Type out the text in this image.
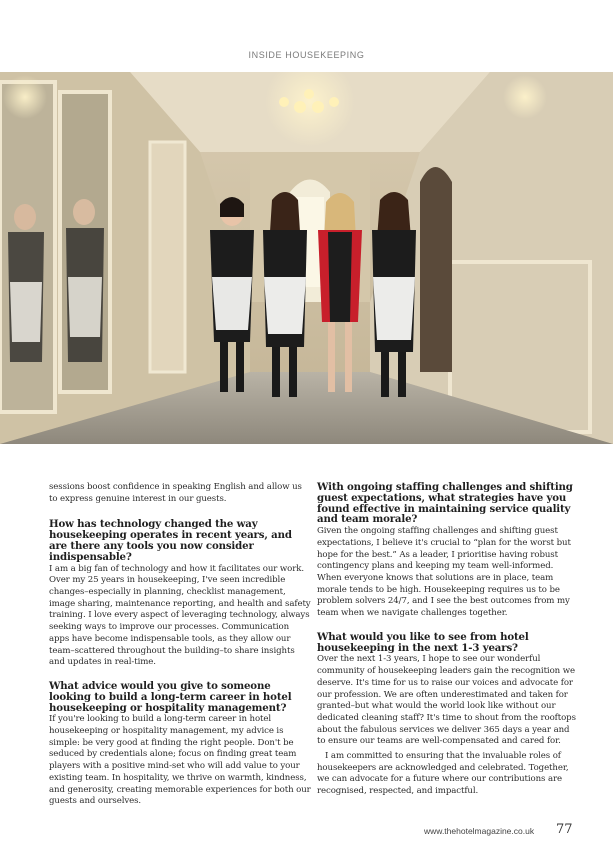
INSIDE HOUSEKEEPING

sessions boost confidence in speaking English and allow us to express genuine interest in our guests.

How has technology changed the way housekeeping operates in recent years, and are there any tools you now consider indispensable?

I am a big fan of technology and how it facilitates our work. Over my 25 years in housekeeping, I've seen incredible changes–especially in planning, checklist management, image sharing, maintenance reporting, and health and safety training. I love every aspect of leveraging technology, always seeking ways to improve our processes. Communication apps have become indispensable tools, as they allow our team–scattered throughout the building–to share insights and updates in real-time.

What advice would you give to someone looking to build a long-term career in hotel housekeeping or hospitality management?

If you're looking to build a long-term career in hotel housekeeping or hospitality management, my advice is simple: be very good at finding the right people. Don't be seduced by credentials alone; focus on finding great team players with a positive mind-set who will add value to your existing team. In hospitality, we thrive on warmth, kindness, and generosity, creating memorable experiences for both our guests and ourselves.

With ongoing staffing challenges and shifting guest expectations, what strategies have you found effective in maintaining service quality and team morale?

Given the ongoing staffing challenges and shifting guest expectations, I believe it's crucial to “plan for the worst but hope for the best.” As a leader, I prioritise having robust contingency plans and keeping my team well-informed. When everyone knows that solutions are in place, team morale tends to be high. Housekeeping requires us to be problem solvers 24/7, and I see the best outcomes from my team when we navigate challenges together.

What would you like to see from hotel housekeeping in the next 1-3 years?

Over the next 1-3 years, I hope to see our wonderful community of housekeeping leaders gain the recognition we deserve. It's time for us to raise our voices and advocate for our profession. We are often underestimated and taken for granted–but what would the world look like without our dedicated cleaning staff? It's time to shout from the rooftops about the fabulous services we deliver 365 days a year and to ensure our teams are well-compensated and cared for.

I am committed to ensuring that the invaluable roles of housekeepers are acknowledged and celebrated. Together, we can advocate for a future where our contributions are recognised, respected, and impactful.

www.thehotelmagazine.co.uk 77
